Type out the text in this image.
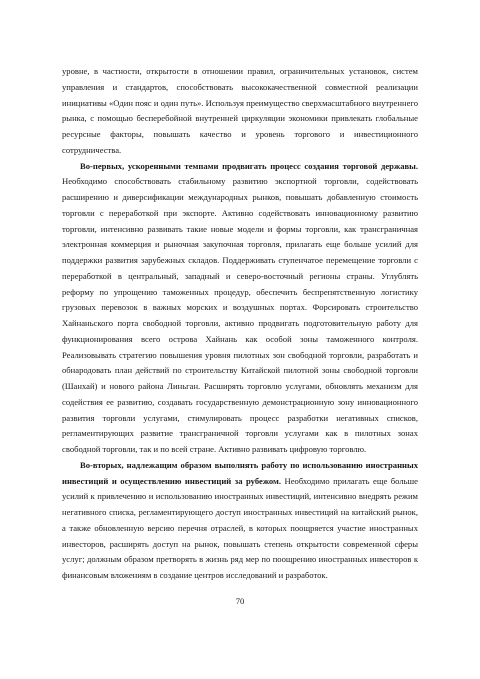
уровне, в частности, открытости в отношении правил, ограничительных установок, систем управления и стандартов, способствовать высококачественной совместной реализации инициативы «Один пояс и один путь». Используя преимущество сверхмасштабного внутреннего рынка, с помощью бесперебойной внутренней циркуляции экономики привлекать глобальные ресурсные факторы, повышать качество и уровень торгового и инвестиционного сотрудничества.

Во-первых, ускоренными темпами продвигать процесс создания торговой державы. Необходимо способствовать стабильному развитию экспортной торговли, содействовать расширению и диверсификации международных рынков, повышать добавленную стоимость торговли с переработкой при экспорте. Активно содействовать инновационному развитию торговли, интенсивно развивать такие новые модели и формы торговли, как трансграничная электронная коммерция и рыночная закупочная торговля, прилагать еще больше усилий для поддержки развития зарубежных складов. Поддерживать ступенчатое перемещение торговли с переработкой в центральный, западный и северо-восточный регионы страны. Углублять реформу по упрощению таможенных процедур, обеспечить беспрепятственную логистику грузовых перевозок в важных морских и воздушных портах. Форсировать строительство Хайнаньского порта свободной торговли, активно продвигать подготовительную работу для функционирования всего острова Хайнань как особой зоны таможенного контроля. Реализовывать стратегию повышения уровня пилотных зон свободной торговли, разработать и обнародовать план действий по строительству Китайской пилотной зоны свободной торговли (Шанхай) и нового района Линьган. Расширять торговлю услугами, обновлять механизм для содействия ее развитию, создавать государственную демонстрационную зону инновационного развития торговли услугами, стимулировать процесс разработки негативных списков, регламентирующих развитие трансграничной торговли услугами как в пилотных зонах свободной торговли, так и по всей стране. Активно развивать цифровую торговлю.

Во-вторых, надлежащим образом выполнять работу по использованию иностранных инвестиций и осуществлению инвестиций за рубежом. Необходимо прилагать еще больше усилий к привлечению и использованию иностранных инвестиций, интенсивно внедрять режим негативного списка, регламентирующего доступ иностранных инвестиций на китайский рынок, а также обновленную версию перечня отраслей, в которых поощряется участие иностранных инвесторов, расширять доступ на рынок, повышать степень открытости современной сферы услуг; должным образом претворять в жизнь ряд мер по поощрению иностранных инвесторов к финансовым вложениям в создание центров исследований и разработок.

70
